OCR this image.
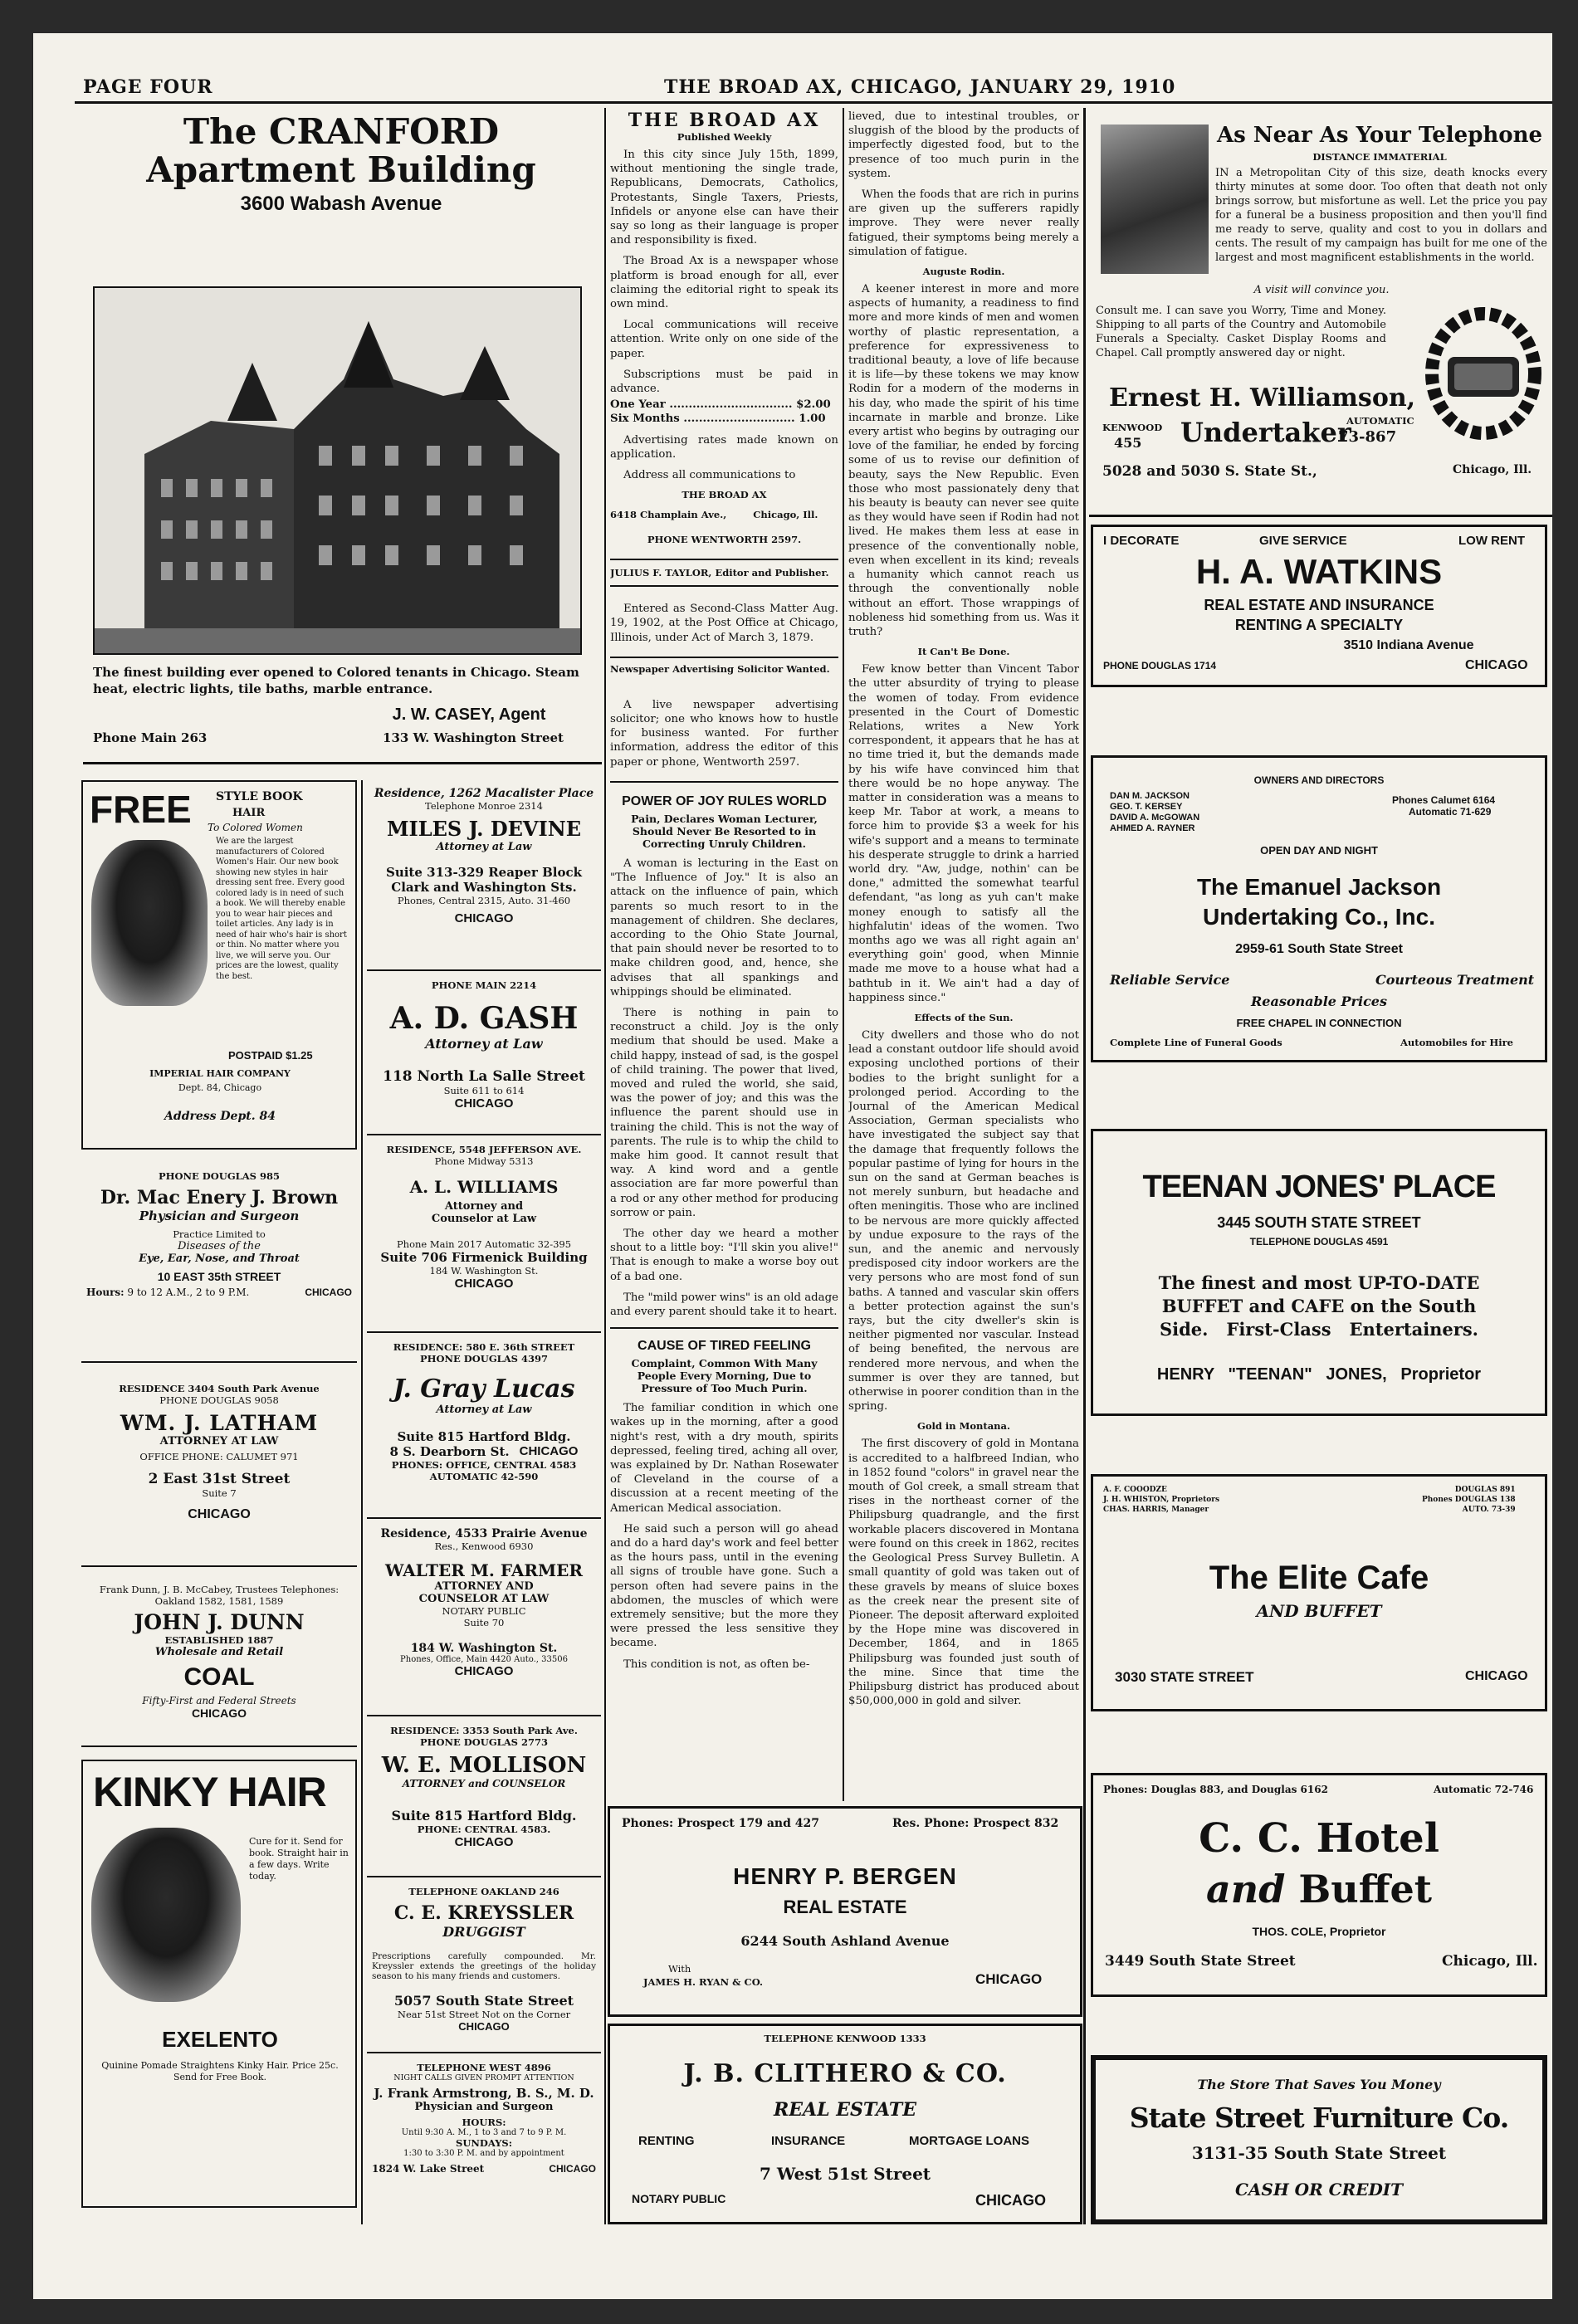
PAGE FOUR	THE BROAD AX, CHICAGO, JANUARY 29, 1910
The CRANFORD
Apartment Building
3600 Wabash Avenue
The finest building ever opened to Colored tenants in Chicago. Steam heat, electric lights, tile baths, marble entrance.
J. W. CASEY, Agent
Phone Main 263	133 W. Washington Street
FREE STYLE BOOK
HAIR
To Colored Women
We are the largest manufacturers of Colored Women's Hair. Our new book showing new styles in hair dressing sent free. Every good colored lady is in need of such a book. We will thereby enable you to wear hair pieces and toilet articles. Any lady is in need of hair who's hair is short or thin. No matter where you live, we will serve you. Our prices are the lowest, quality the best.
POSTPAID $1.25
IMPERIAL HAIR COMPANY
Dept. 84, Chicago
Address Dept. 84
PHONE DOUGLAS 985
Dr. Mac Enery J. Brown
Physician and Surgeon
Practice Limited to
Diseases of the
Eye, Ear, Nose, and Throat
10 EAST 35th STREET
Hours: 9 to 12 A.M., 2 to 9 P.M.	CHICAGO
RESIDENCE 3404 South Park Avenue
PHONE DOUGLAS 9058
WM. J. LATHAM
ATTORNEY AT LAW
OFFICE PHONE: CALUMET 971
2 East 31st Street
Suite 7
CHICAGO
Frank Dunn, J. B. McCabey, Trustees Telephones: Oakland 1582, 1581, 1589
JOHN J. DUNN
ESTABLISHED 1887
Wholesale and Retail
COAL
Fifty-First and Federal Streets
CHICAGO
KINKY HAIR
Cure for it. Send for book. Straight hair in a few days. Write today.
EXELENTO
Quinine Pomade Straightens Kinky Hair. Price 25c. Send for Free Book.
Residence, 1262 Macalister Place
Telephone Monroe 2314
MILES J. DEVINE
Attorney at Law
Suite 313-329 Reaper Block
Clark and Washington Sts.
Phones, Central 2315, Auto. 31-460
CHICAGO
PHONE MAIN 2214
A. D. GASH
Attorney at Law
118 North La Salle Street
Suite 611 to 614
CHICAGO
RESIDENCE, 5548 JEFFERSON AVE.
Phone Midway 5313
A. L. WILLIAMS
Attorney and
Counselor at Law
Phone Main 2017 Automatic 32-395
Suite 706 Firmenick Building
184 W. Washington St.
CHICAGO
RESIDENCE: 580 E. 36th STREET
PHONE DOUGLAS 4397
J. Gray Lucas
Attorney at Law
Suite 815 Hartford Bldg.
8 S. Dearborn St. CHICAGO
PHONES: OFFICE, CENTRAL 4583
AUTOMATIC 42-590
Residence, 4533 Prairie Avenue
Res., Kenwood 6930
WALTER M. FARMER
ATTORNEY AND
COUNSELOR AT LAW
NOTARY PUBLIC
Suite 70
184 W. Washington St.
Phones, Office, Main 4420 Auto., 33506
CHICAGO
RESIDENCE: 3353 South Park Ave.
PHONE DOUGLAS 2773
W. E. MOLLISON
ATTORNEY and COUNSELOR
Suite 815 Hartford Bldg.
PHONE: CENTRAL 4583.
CHICAGO
TELEPHONE OAKLAND 246
C. E. KREYSSLER
DRUGGIST
Prescriptions carefully compounded. Mr. Kreyssler extends the greetings of the holiday season to his many friends and customers.
5057 South State Street
Near 51st Street Not on the Corner
CHICAGO
TELEPHONE WEST 4896
NIGHT CALLS GIVEN PROMPT ATTENTION
J. Frank Armstrong, B. S., M. D.
Physician and Surgeon
HOURS:
Until 9:30 A. M., 1 to 3 and 7 to 9 P. M.
SUNDAYS:
1:30 to 3:30 P. M. and by appointment
1824 W. Lake Street	CHICAGO
THE BROAD AX
Published Weekly

In this city since July 15th, 1899, without mentioning the single trade, Republicans, Democrats, Catholics, Protestants, Single Taxers, Priests, Infidels or anyone else can have their say so long as their language is proper and responsibility is fixed.

The Broad Ax is a newspaper whose platform is broad enough for all, ever claiming the editorial right to speak its own mind.

Local communications will receive attention. Write only on one side of the paper.

Subscriptions must be paid in advance.

One Year ................................ $2.00
Six Months ............................. 1.00

Advertising rates made known on application.

Address all communications to

THE BROAD AX
6418 Champlain Ave.,        Chicago, Ill.
PHONE WENTWORTH 2597.
JULIUS F. TAYLOR, Editor and Publisher.

Entered as Second-Class Matter Aug. 19, 1902, at the Post Office at Chicago, Illinois, under Act of March 3, 1879.

Newspaper Advertising Solicitor Wanted.

A live newspaper advertising solicitor; one who knows how to hustle for business wanted. For further information, address the editor of this paper or phone, Wentworth 2597.

POWER OF JOY RULES WORLD
Pain, Declares Woman Lecturer, Should Never Be Resorted to in Correcting Unruly Children.

A woman is lecturing in the East on "The Influence of Joy." It is also an attack on the influence of pain, which parents so much resort to in the management of children. She declares, according to the Ohio State Journal, that pain should never be resorted to to make children good, and, hence, she advises that all spankings and whippings should be eliminated.

There is nothing in pain to reconstruct a child. Joy is the only medium that should be used. Make a child happy, instead of sad, is the gospel of child training. The power that lived, moved and ruled the world, she said, was the power of joy; and this was the influence the parent should use in training the child. This is not the way of parents. The rule is to whip the child to make him good. It cannot result that way. A kind word and a gentle association are far more powerful than a rod or any other method for producing sorrow or pain.

The other day we heard a mother shout to a little boy: "I'll skin you alive!" That is enough to make a worse boy out of a bad one.

The "mild power wins" is an old adage and every parent should take it to heart.

CAUSE OF TIRED FEELING
Complaint, Common With Many People Every Morning, Due to Pressure of Too Much Purin.

The familiar condition in which one wakes up in the morning, after a good night's rest, with a dry mouth, spirits depressed, feeling tired, aching all over, was explained by Dr. Nathan Rosewater of Cleveland in the course of a discussion at a recent meeting of the American Medical association.

He said such a person will go ahead and do a hard day's work and feel better as the hours pass, until in the evening all signs of trouble have gone. Such a person often had severe pains in the abdomen, the muscles of which were extremely sensitive; but the more they were pressed the less sensitive they became.

This condition is not, as often be-

lieved, due to intestinal troubles, or sluggish of the blood by the products of imperfectly digested food, but to the presence of too much purin in the system.

When the foods that are rich in purins are given up the sufferers rapidly improve. They were never really fatigued, their symptoms being merely a simulation of fatigue.

Auguste Rodin.

A keener interest in more and more aspects of humanity, a readiness to find more and more kinds of men and women worthy of plastic representation, a preference for expressiveness to traditional beauty, a love of life because it is life—by these tokens we may know Rodin for a modern of the moderns in his day, who made the spirit of his time incarnate in marble and bronze. Like every artist who begins by outraging our love of the familiar, he ended by forcing some of us to revise our definition of beauty, says the New Republic. Even those who most passionately deny that his beauty is beauty can never see quite as they would have seen if Rodin had not lived. He makes them less at ease in presence of the conventionally noble, even when excellent in its kind; reveals a humanity which cannot reach us through the conventionally noble without an effort. Those wrappings of nobleness hid something from us. Was it truth?

It Can't Be Done.

Few know better than Vincent Tabor the utter absurdity of trying to please the women of today. From evidence presented in the Court of Domestic Relations, writes a New York correspondent, it appears that he has at no time tried it, but the demands made by his wife have convinced him that there would be no hope anyway. The matter in consideration was a means to keep Mr. Tabor at work, a means to force him to provide $3 a week for his wife's support and a means to terminate his desperate struggle to drink a harried world dry. "Aw, judge, nothin' can be done," admitted the somewhat tearful defendant, "as long as yuh can't make money enough to satisfy all the highfalutin' ideas of the women. Two months ago we was all right again an' everything goin' good, when Minnie made me move to a house what had a bathtub in it. We ain't had a day of happiness since."

Effects of the Sun.

City dwellers and those who do not lead a constant outdoor life should avoid exposing unclothed portions of their bodies to the bright sunlight for a prolonged period. According to the Journal of the American Medical Association, German specialists who have investigated the subject say that the damage that frequently follows the popular pastime of lying for hours in the sun on the sand at German beaches is not merely sunburn, but headache and often meningitis. Those who are inclined to be nervous are more quickly affected by undue exposure to the rays of the sun, and the anemic and nervously predisposed city indoor workers are the very persons who are most fond of sun baths. A tanned and vascular skin offers a better protection against the sun's rays, but the city dweller's skin is neither pigmented nor vascular. Instead of being benefited, the nervous are rendered more nervous, and when the summer is over they are tanned, but otherwise in poorer condition than in the spring.

Gold in Montana.

The first discovery of gold in Montana is accredited to a halfbreed Indian, who in 1852 found "colors" in gravel near the mouth of Gol creek, a small stream that rises in the northeast corner of the Philipsburg quadrangle, and the first workable placers discovered in Montana were found on this creek in 1862, recites the Geological Press Survey Bulletin. A small quantity of gold was taken out of these gravels by means of sluice boxes as the creek near the present site of Pioneer. The deposit afterward exploited by the Hope mine was discovered in December, 1864, and in 1865 Philipsburg was founded just south of the mine. Since that time the Philipsburg district has produced about $50,000,000 in gold and silver.

Phones: Prospect 179 and 427	Res. Phone: Prospect 832
HENRY P. BERGEN
REAL ESTATE
6244 South Ashland Avenue
With
JAMES H. RYAN & CO.	CHICAGO
TELEPHONE KENWOOD 1333
J. B. CLITHERO & CO.
REAL ESTATE
RENTING	INSURANCE	MORTGAGE LOANS
7 West 51st Street
NOTARY PUBLIC	CHICAGO
As Near As Your Telephone
DISTANCE IMMATERIAL
IN a Metropolitan City of this size, death knocks every thirty minutes at some door. Too often that death not only brings sorrow, but misfortune as well. Let the price you pay for a funeral be a business proposition and then you'll find me ready to serve, quality and cost to you in dollars and cents. The result of my campaign has built for me one of the largest and most magnificent establishments in the world.
A visit will convince you.
Consult me. I can save you Worry, Time and Money. Shipping to all parts of the Country and Automobile Funerals a Specialty. Casket Display Rooms and Chapel. Call promptly answered day or night.
Ernest H. Williamson,
KENWOOD
455 Undertaker
AUTOMATIC
73-867
5028 and 5030 S. State St.,	Chicago, Ill.
I DECORATE	GIVE SERVICE	LOW RENT
H. A. WATKINS
REAL ESTATE AND INSURANCE
RENTING A SPECIALTY
3510 Indiana Avenue
PHONE DOUGLAS 1714	CHICAGO
OWNERS AND DIRECTORS
DAN M. JACKSON
GEO. T. KERSEY
DAVID A. McGOWAN
AHMED A. RAYNER
Phones Calumet 6164
Automatic 71-629
OPEN DAY AND NIGHT
The Emanuel Jackson
Undertaking Co., Inc.
2959-61 South State Street
Reliable Service	Courteous Treatment
Reasonable Prices
FREE CHAPEL IN CONNECTION
Complete Line of Funeral Goods	Automobiles for Hire
TEENAN JONES' PLACE
3445 SOUTH STATE STREET
TELEPHONE DOUGLAS 4591
The finest and most UP-TO-DATE
BUFFET and CAFE on the South
Side.   First-Class   Entertainers.
HENRY   "TEENAN"   JONES,   Proprietor
A. F. COOODZE
J. H. WHISTON, Proprietors
CHAS. HARRIS, Manager
DOUGLAS 891
Phones DOUGLAS 138
AUTO. 73-39
The Elite Cafe
AND BUFFET
3030 STATE STREET	CHICAGO
Phones: Douglas 883, and Douglas 6162	Automatic 72-746
C. C. Hotel
and Buffet
THOS. COLE, Proprietor
3449 South State Street	Chicago, Ill.
The Store That Saves You Money
State Street Furniture Co.
3131-35 South State Street
CASH OR CREDIT
